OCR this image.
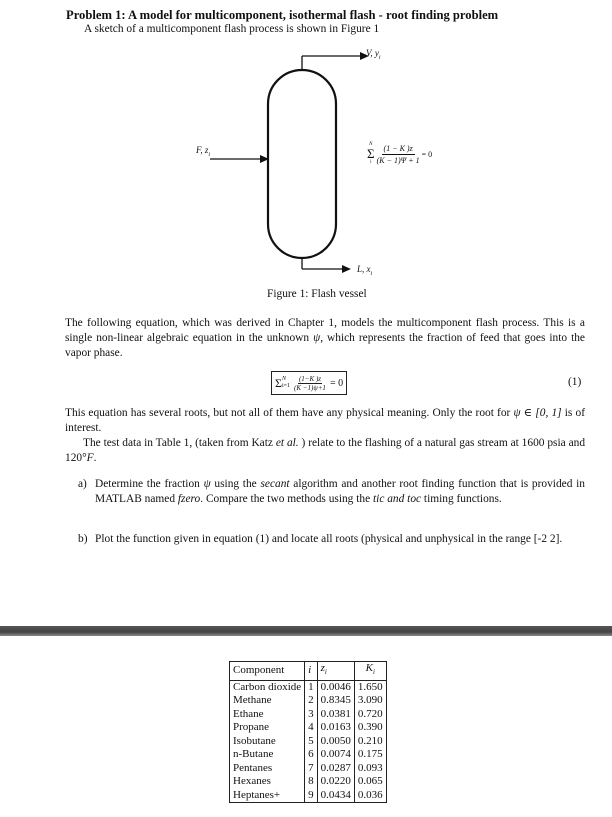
Problem 1: A model for multicomponent, isothermal flash - root finding problem
A sketch of a multicomponent flash process is shown in Figure 1
V, $y_i$
F, $z_i$
L, $x_i$
N
Σ
i $\frac{(1 - K )z}{(K - 1)\Psi + 1} = 0$
Figure 1: Flash vessel
The following equation, which was derived in Chapter 1, models the multicomponent flash process. This is a single non-linear algebraic equation in the unknown ψ, which represents the fraction of feed that goes into the vapor phase.
Σ N
$i=1 \frac{(1-K )z}{(K -1)\psi+1} = 0$	(1)
This equation has several roots, but not all of them have any physical meaning. Only the root for ψ ∈ [0, 1] is of interest.
The test data in Table 1, (taken from Katz et al. ) relate to the flashing of a natural gas stream at 1600 psia and 120°F.
a) Determine the fraction ψ using the secant algorithm and another root finding function that is provided in MATLAB named fzero. Compare the two methods using the tic and toc timing functions.
b) Plot the function given in equation (1) and locate all roots (physical and unphysical in the range [-2 2].
Component	i	$z_i$	$K_i$
Carbon dioxide	1	0.0046	1.650
Methane	2	0.8345	3.090
Ethane	3	0.0381	0.720
Propane	4	0.0163	0.390
Isobutane	5	0.0050	0.210
n-Butane	6	0.0074	0.175
Pentanes	7	0.0287	0.093
Hexanes	8	0.0220	0.065
Heptanes+	9	0.0434	0.036
